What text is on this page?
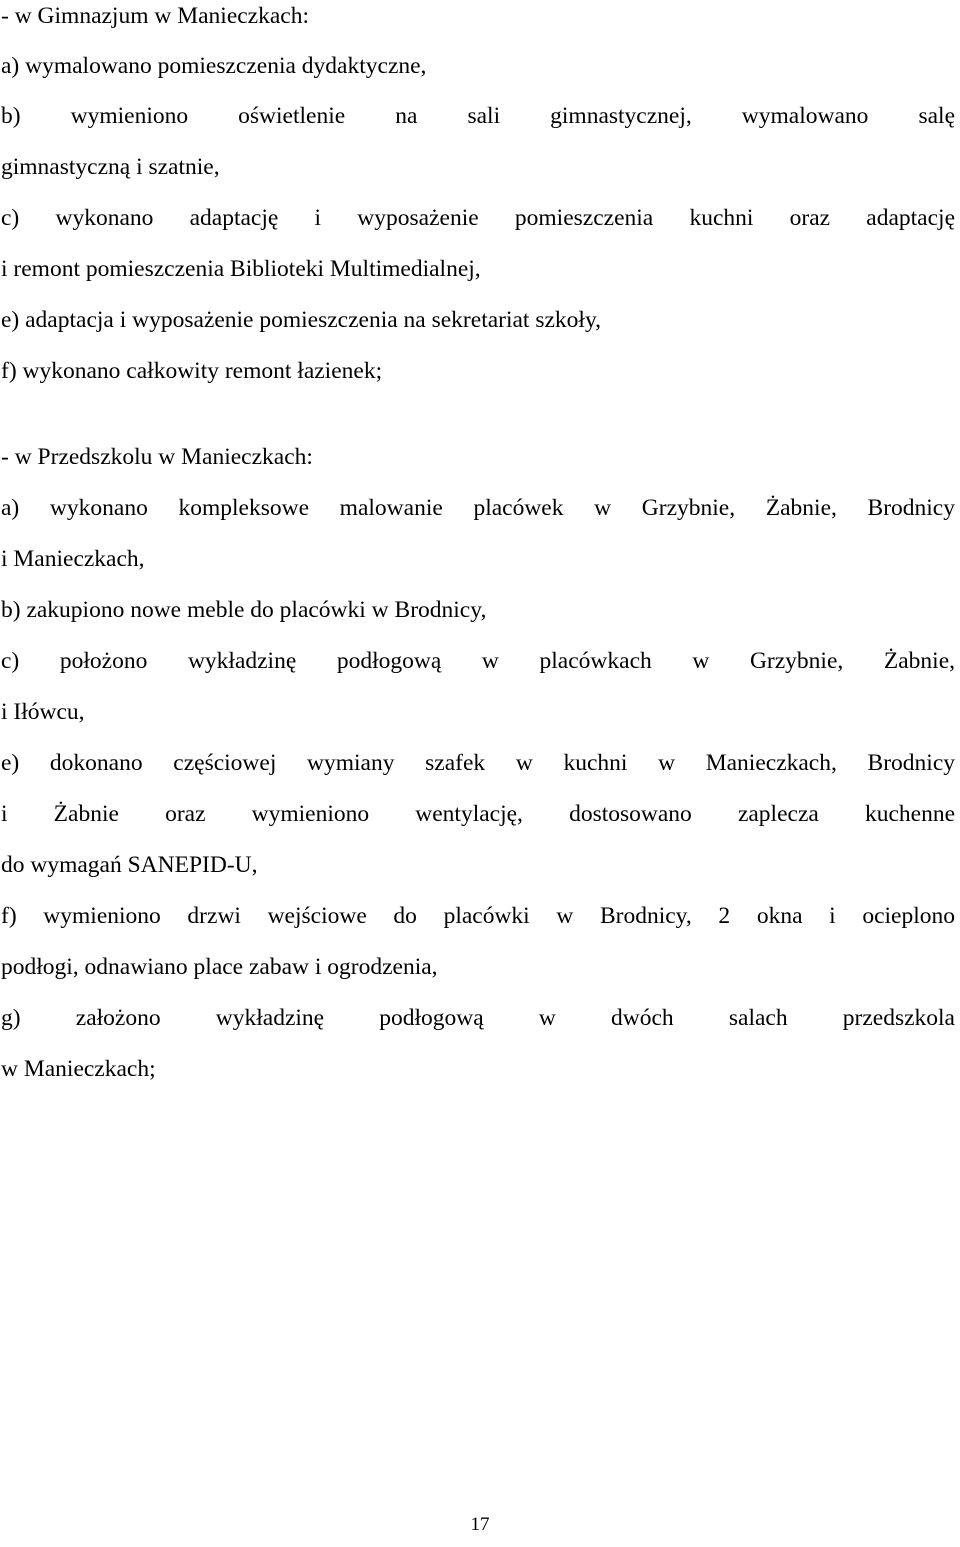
- w Gimnazjum w Manieczkach:
a) wymalowano pomieszczenia dydaktyczne,
b) wymieniono oświetlenie na sali gimnastycznej, wymalowano salę
gimnastyczną i szatnie,
c) wykonano adaptację i wyposażenie pomieszczenia kuchni oraz adaptację
i remont pomieszczenia Biblioteki Multimedialnej,
e) adaptacja i wyposażenie pomieszczenia na sekretariat szkoły,
f) wykonano całkowity remont łazienek;
- w Przedszkolu w Manieczkach:
a) wykonano kompleksowe malowanie placówek w Grzybnie, Żabnie, Brodnicy
i Manieczkach,
b) zakupiono nowe meble do placówki w Brodnicy,
c) położono wykładzinę podłogową w placówkach w Grzybnie, Żabnie,
i Iłówcu,
e) dokonano częściowej wymiany szafek w kuchni w Manieczkach, Brodnicy
i Żabnie oraz wymieniono wentylację, dostosowano zaplecza kuchenne
do wymagań SANEPID-U,
f) wymieniono drzwi wejściowe do placówki w Brodnicy, 2 okna i ocieplono
podłogi, odnawiano place zabaw i ogrodzenia,
g) założono wykładzinę podłogową w dwóch salach przedszkola
w Manieczkach;
17
